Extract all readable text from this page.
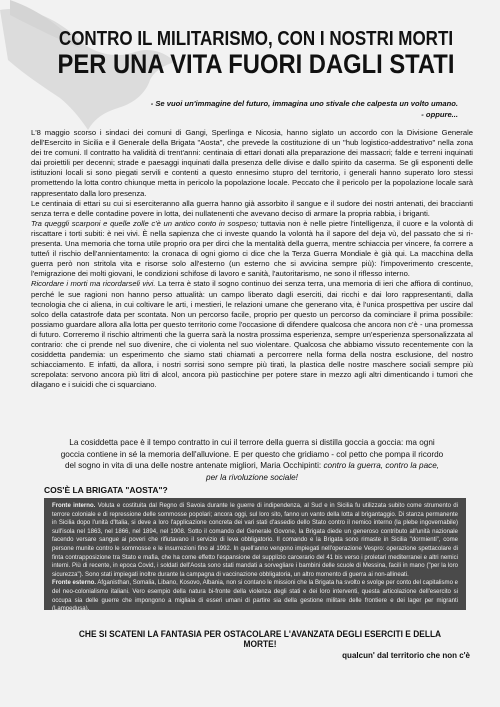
CONTRO IL MILITARISMO, CON I NOSTRI MORTI
PER UNA VITA FUORI DAGLI STATI
- Se vuoi un'immagine del futuro, immagina uno stivale che calpesta un volto umano.
- oppure...

L'8 maggio scorso i sindaci dei comuni di Gangi, Sperlinga e Nicosia, hanno siglato un accordo con la Divisione Generale dell'Esercito in Sicilia e il Generale della Brigata "Aosta", che prevede la costituzione di un "hub logistico-addestrativo" nella zona dei tre comuni. Il contratto ha validità di trent'anni: centinaia di ettari donati alla preparazione dei massacri; falde e terreni inquinati dai proiettili per decenni; strade e paesaggi inquinati dalla presenza delle divise e dallo spirito da caserma. Se gli esponenti delle istituzioni locali si sono piegati servili e contenti a questo ennesimo stupro del territorio, i generali hanno superato loro stessi promettendo la lotta contro chiunque metta in pericolo la popolazione locale. Peccato che il pericolo per la popolazione locale sarà rappresentato dalla loro presenza.

Le centinaia di ettari su cui si eserciteranno alla guerra hanno già assorbito il sangue e il sudore dei nostri antenati, dei braccianti senza terra e delle contadine povere in lotta, dei nullatenenti che avevano deciso di armare la propria rabbia, i briganti.

Tra queggli scarponi e quelle zolle c'è un antico conto in sospeso; tuttavia non è nelle pietre l'intelligenza, il cuore e la volontà di riscattare i torti subiti: è nei vivi. È nella sapienza che ci investe quando la volontà ha il sapore del deja vù, del passato che si ri-presenta. Una memoria che torna utile proprio ora per dirci che la mentalità della guerra, mentre schiaccia per vincere, fa correre a tutte/i il rischio dell'annientamento: la cronaca di ogni giorno ci dice che la Terza Guerra Mondiale è già qui. La macchina della guerra però non stritola vita e risorse solo all'esterno (un esterno che si avvicina sempre più): l'impoverimento crescente, l'emigrazione dei molti giovani, le condizioni schifose di lavoro e sanità, l'autoritarismo, ne sono il riflesso interno.

Ricordare i morti ma ricordarseli vivi. La terra è stato il sogno continuo dei senza terra, una memoria di ieri che affiora di continuo, perché le sue ragioni non hanno perso attualità: un campo liberato dagli eserciti, dai ricchi e dai loro rappresentanti, dalla tecnologia che ci aliena, in cui coltivare le arti, i mestieri, le relazioni umane che generano vita, è l'unica prospettiva per uscire dal solco della catastrofe data per scontata. Non un percorso facile, proprio per questo un percorso da cominciare il prima possibile: possiamo guardare allora alla lotta per questo territorio come l'occasione di difendere qualcosa che ancora non c'è - una promessa di futuro. Correremo il rischio altrimenti che la guerra sarà la nostra prossima esperienza, sempre un'esperienza spersonalizzata al contrario: che ci prende nel suo divenire, che ci violenta nel suo violentare. Qualcosa che abbiamo vissuto recentemente con la cosiddetta pandemia: un esperimento che siamo stati chiamati a percorrere nella forma della nostra esclusione, del nostro schiacciamento. E infatti, da allora, i nostri sorrisi sono sempre più tirati, la plastica delle nostre maschere sociali sempre più screpolata: servono ancora più litri di alcol, ancora più pasticchine per potere stare in mezzo agli altri dimenticando i tumori che dilagano e i suicidi che ci squarciano.

La cosiddetta pace è il tempo contratto in cui il terrore della guerra si distilla goccia a goccia: ma ogni

goccia contiene in sé la memoria dell'alluvione. E per questo che gridiamo - col petto che pompa il ricordo

del sogno in vita di una delle nostre antenate migliori, Maria Occhipinti: contro la guerra, contro la pace,

per la rivoluzione sociale!

COS'È LA BRIGATA "AOSTA"?

Fronte interno. Voluta e costituita dal Regno di Savoia durante le guerre di indipendenza, al Sud e in Sicilia fu utilizzata subito come strumento di terrore coloniale e di repressione delle sommosse popolari; ancora oggi, sul loro sito, fanno un vanto della lotta al brigantaggio. Di stanza permanente in Sicilia dopo l'unità d'Italia, si deve a loro l'applicazione concreta dei vari stati d'assedio dello Stato contro il nemico interno (la plebe ingovernabile) sull'isola nel 1863, nel 1866, nel 1894, nel 1908. Sotto il comando del Generale Govone, la Brigata diede un generoso contributo all'unità nazionale facendo versare sangue ai poveri che rifiutavano il servizio di leva obbligatorio. Il comando e la Brigata sono rimaste in Sicilia "dormienti", come persone munite contro le sommosse e le insurrezioni fino al 1992. In quell'anno vengono impiegati nell'operazione Vespro: operazione spettacolare di finta contrapposizione tra Stato e mafia, che ha come effetto l'espansione del supplizio carcerario del 41 bis verso i proletari mediterranei e altri nemici interni. Più di recente, in epoca Covid, i soldati dell'Aosta sono stati mandati a sorvegliare i bambini delle scuole di Messina, facili in mano ("per la loro sicurezza"). Sono stati impiegati inoltre durante la campagna di vaccinazione obbligatoria, un altro momento di guerra ai non-allineati.

Fronte esterno. Afganisthan, Somalia, Libano, Kosovo, Albania, non si contano le missioni che la Brigata ha svolto e svolge per conto del capitalismo e del neo-colonialismo italiani. Vero esempio della natura bi-fronte della violenza degli stati e dei loro interventi, questa articolazione dell'esercito si occupa sia delle guerre che impongono a migliaia di esseri umani di partire sia della gestione militare delle frontiere e dei lager per migranti (Lampedusa).

CHE SI SCATENI LA FANTASIA PER OSTACOLARE L'AVANZATA DEGLI ESERCITI E DELLA MORTE!
qualcun' dal territorio che non c'è
